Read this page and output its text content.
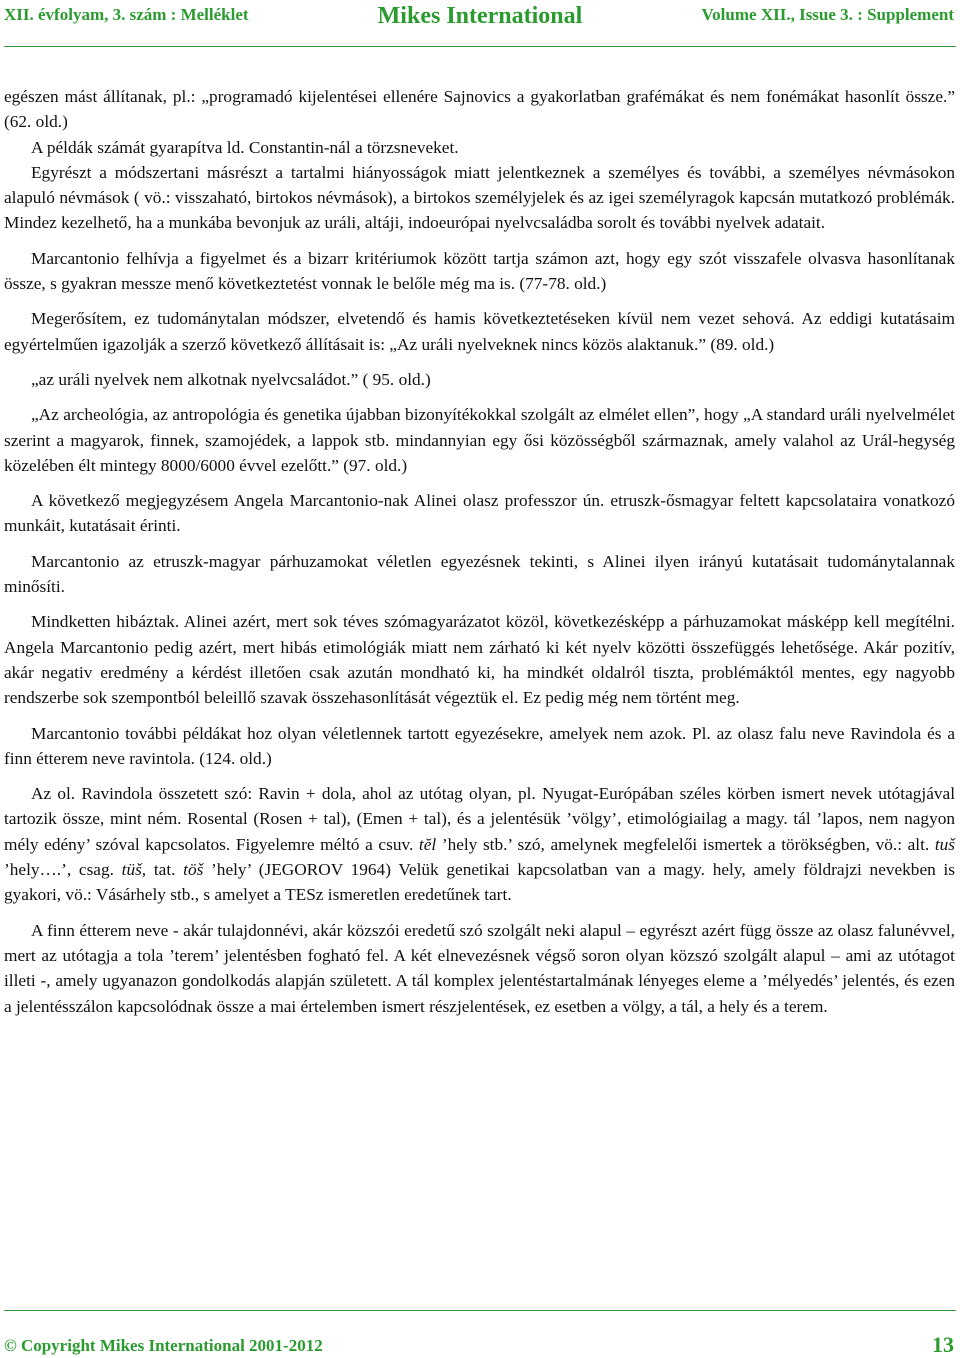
XII. évfolyam, 3. szám : Melléklet	Mikes International	Volume XII., Issue 3. : Supplement

egészen mást állítanak, pl.: „programadó kijelentései ellenére Sajnovics a gyakorlatban grafémákat és nem fonémákat hasonlít össze.” (62. old.)

A példák számát gyarapítva ld. Constantin-nál a törzsneveket.

Egyrészt a módszertani másrészt a tartalmi hiányosságok miatt jelentkeznek a személyes és további, a személyes névmásokon alapuló névmások ( vö.: visszaható, birtokos névmások), a birtokos személyjelek és az igei személyragok kapcsán mutatkozó problémák. Mindez kezelhető, ha a munkába bevonjuk az uráli, altáji, indoeurópai nyelvcsaládba sorolt és további nyelvek adatait.

Marcantonio felhívja a figyelmet és a bizarr kritériumok között tartja számon azt, hogy egy szót visszafele olvasva hasonlítanak össze, s gyakran messze menő következtetést vonnak le belőle még ma is. (77-78. old.)

Megerősítem, ez tudománytalan módszer, elvetendő és hamis következtetéseken kívül nem vezet sehová. Az eddigi kutatásaim egyértelműen igazolják a szerző következő állításait is: „Az uráli nyelveknek nincs közös alaktanuk.” (89. old.)

„az uráli nyelvek nem alkotnak nyelvcsaládot.” ( 95. old.)

„Az archeológia, az antropológia és genetika újabban bizonyítékokkal szolgált az elmélet ellen”, hogy „A standard uráli nyelvelmélet szerint a magyarok, finnek, szamojédek, a lappok stb. mindannyian egy ősi közösségből származnak, amely valahol az Urál-hegység közelében élt mintegy 8000/6000 évvel ezelőtt.” (97. old.)

A következő megjegyzésem Angela Marcantonio-nak Alinei olasz professzor ún. etruszk-ősmagyar feltett kapcsolataira vonatkozó munkáit, kutatásait érinti.

Marcantonio az etruszk-magyar párhuzamokat véletlen egyezésnek tekinti, s Alinei ilyen irányú kutatásait tudománytalannak minősíti.

Mindketten hibáztak. Alinei azért, mert sok téves szómagyarázatot közöl, következésképp a párhuzamokat másképp kell megítélni. Angela Marcantonio pedig azért, mert hibás etimológiák miatt nem zárható ki két nyelv közötti összefüggés lehetősége. Akár pozitív, akár negativ eredmény a kérdést illetően csak azután mondható ki, ha mindkét oldalról tiszta, problémáktól mentes, egy nagyobb rendszerbe sok szempontból beleillő szavak összehasonlítását végeztük el. Ez pedig még nem történt meg.

Marcantonio további példákat hoz olyan véletlennek tartott egyezésekre, amelyek nem azok. Pl. az olasz falu neve Ravindola és a finn étterem neve ravintola. (124. old.)

Az ol. Ravindola összetett szó: Ravin + dola, ahol az utótag olyan, pl. Nyugat-Európában széles körben ismert nevek utótagjával tartozik össze, mint ném. Rosental (Rosen + tal), (Emen + tal), és a jelentésük ’völgy’, etimológiailag a magy. tál ’lapos, nem nagyon mély edény’ szóval kapcsolatos. Figyelemre méltó a csuv. tĕl ’hely stb.’ szó, amelynek megfelelői ismertek a törökségben, vö.: alt. tuš ’hely….’, csag. tüš, tat. töš ’hely’ (JEGOROV 1964) Velük genetikai kapcsolatban van a magy. hely, amely földrajzi nevekben is gyakori, vö.: Vásárhely stb., s amelyet a TESz ismeretlen eredetűnek tart.

A finn étterem neve - akár tulajdonnévi, akár közszói eredetű szó szolgált neki alapul – egyrészt azért függ össze az olasz falunévvel, mert az utótagja a tola ’terem’ jelentésben fogható fel. A két elnevezésnek végső soron olyan közszó szolgált alapul – ami az utótagot illeti -, amely ugyanazon gondolkodás alapján született. A tál komplex jelentéstartalmának lényeges eleme a ’mélyedés’ jelentés, és ezen a jelentésszálon kapcsolódnak össze a mai értelemben ismert részjelentések, ez esetben a völgy, a tál, a hely és a terem.

© Copyright Mikes International 2001-2012	13
